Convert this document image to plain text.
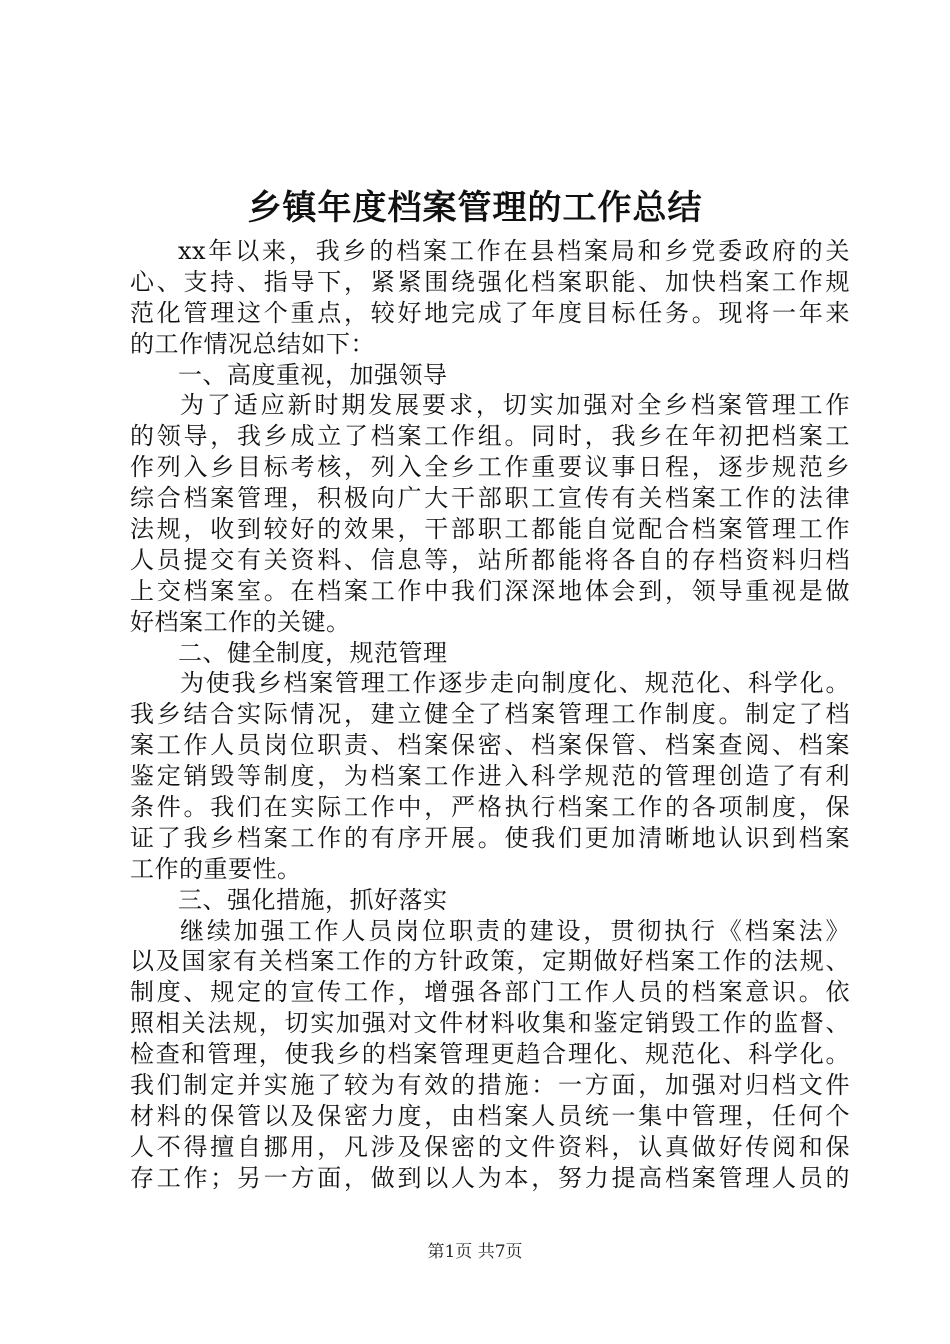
乡镇年度档案管理的工作总结
xx年以来，我乡的档案工作在县档案局和乡党委政府的关
心、支持、指导下，紧紧围绕强化档案职能、加快档案工作规
范化管理这个重点，较好地完成了年度目标任务。现将一年来
的工作情况总结如下：
一、高度重视，加强领导
为了适应新时期发展要求，切实加强对全乡档案管理工作
的领导，我乡成立了档案工作组。同时，我乡在年初把档案工
作列入乡目标考核，列入全乡工作重要议事日程，逐步规范乡
综合档案管理，积极向广大干部职工宣传有关档案工作的法律
法规，收到较好的效果，干部职工都能自觉配合档案管理工作
人员提交有关资料、信息等，站所都能将各自的存档资料归档
上交档案室。在档案工作中我们深深地体会到，领导重视是做
好档案工作的关键。
二、健全制度，规范管理
为使我乡档案管理工作逐步走向制度化、规范化、科学化。
我乡结合实际情况，建立健全了档案管理工作制度。制定了档
案工作人员岗位职责、档案保密、档案保管、档案查阅、档案
鉴定销毁等制度，为档案工作进入科学规范的管理创造了有利
条件。我们在实际工作中，严格执行档案工作的各项制度，保
证了我乡档案工作的有序开展。使我们更加清晰地认识到档案
工作的重要性。
三、强化措施，抓好落实
继续加强工作人员岗位职责的建设，贯彻执行《档案法》
以及国家有关档案工作的方针政策，定期做好档案工作的法规、
制度、规定的宣传工作，增强各部门工作人员的档案意识。依
照相关法规，切实加强对文件材料收集和鉴定销毁工作的监督、
检查和管理，使我乡的档案管理更趋合理化、规范化、科学化。
我们制定并实施了较为有效的措施：一方面，加强对归档文件
材料的保管以及保密力度，由档案人员统一集中管理，任何个
人不得擅自挪用，凡涉及保密的文件资料，认真做好传阅和保
存工作；另一方面，做到以人为本，努力提高档案管理人员的
第1页 共7页
